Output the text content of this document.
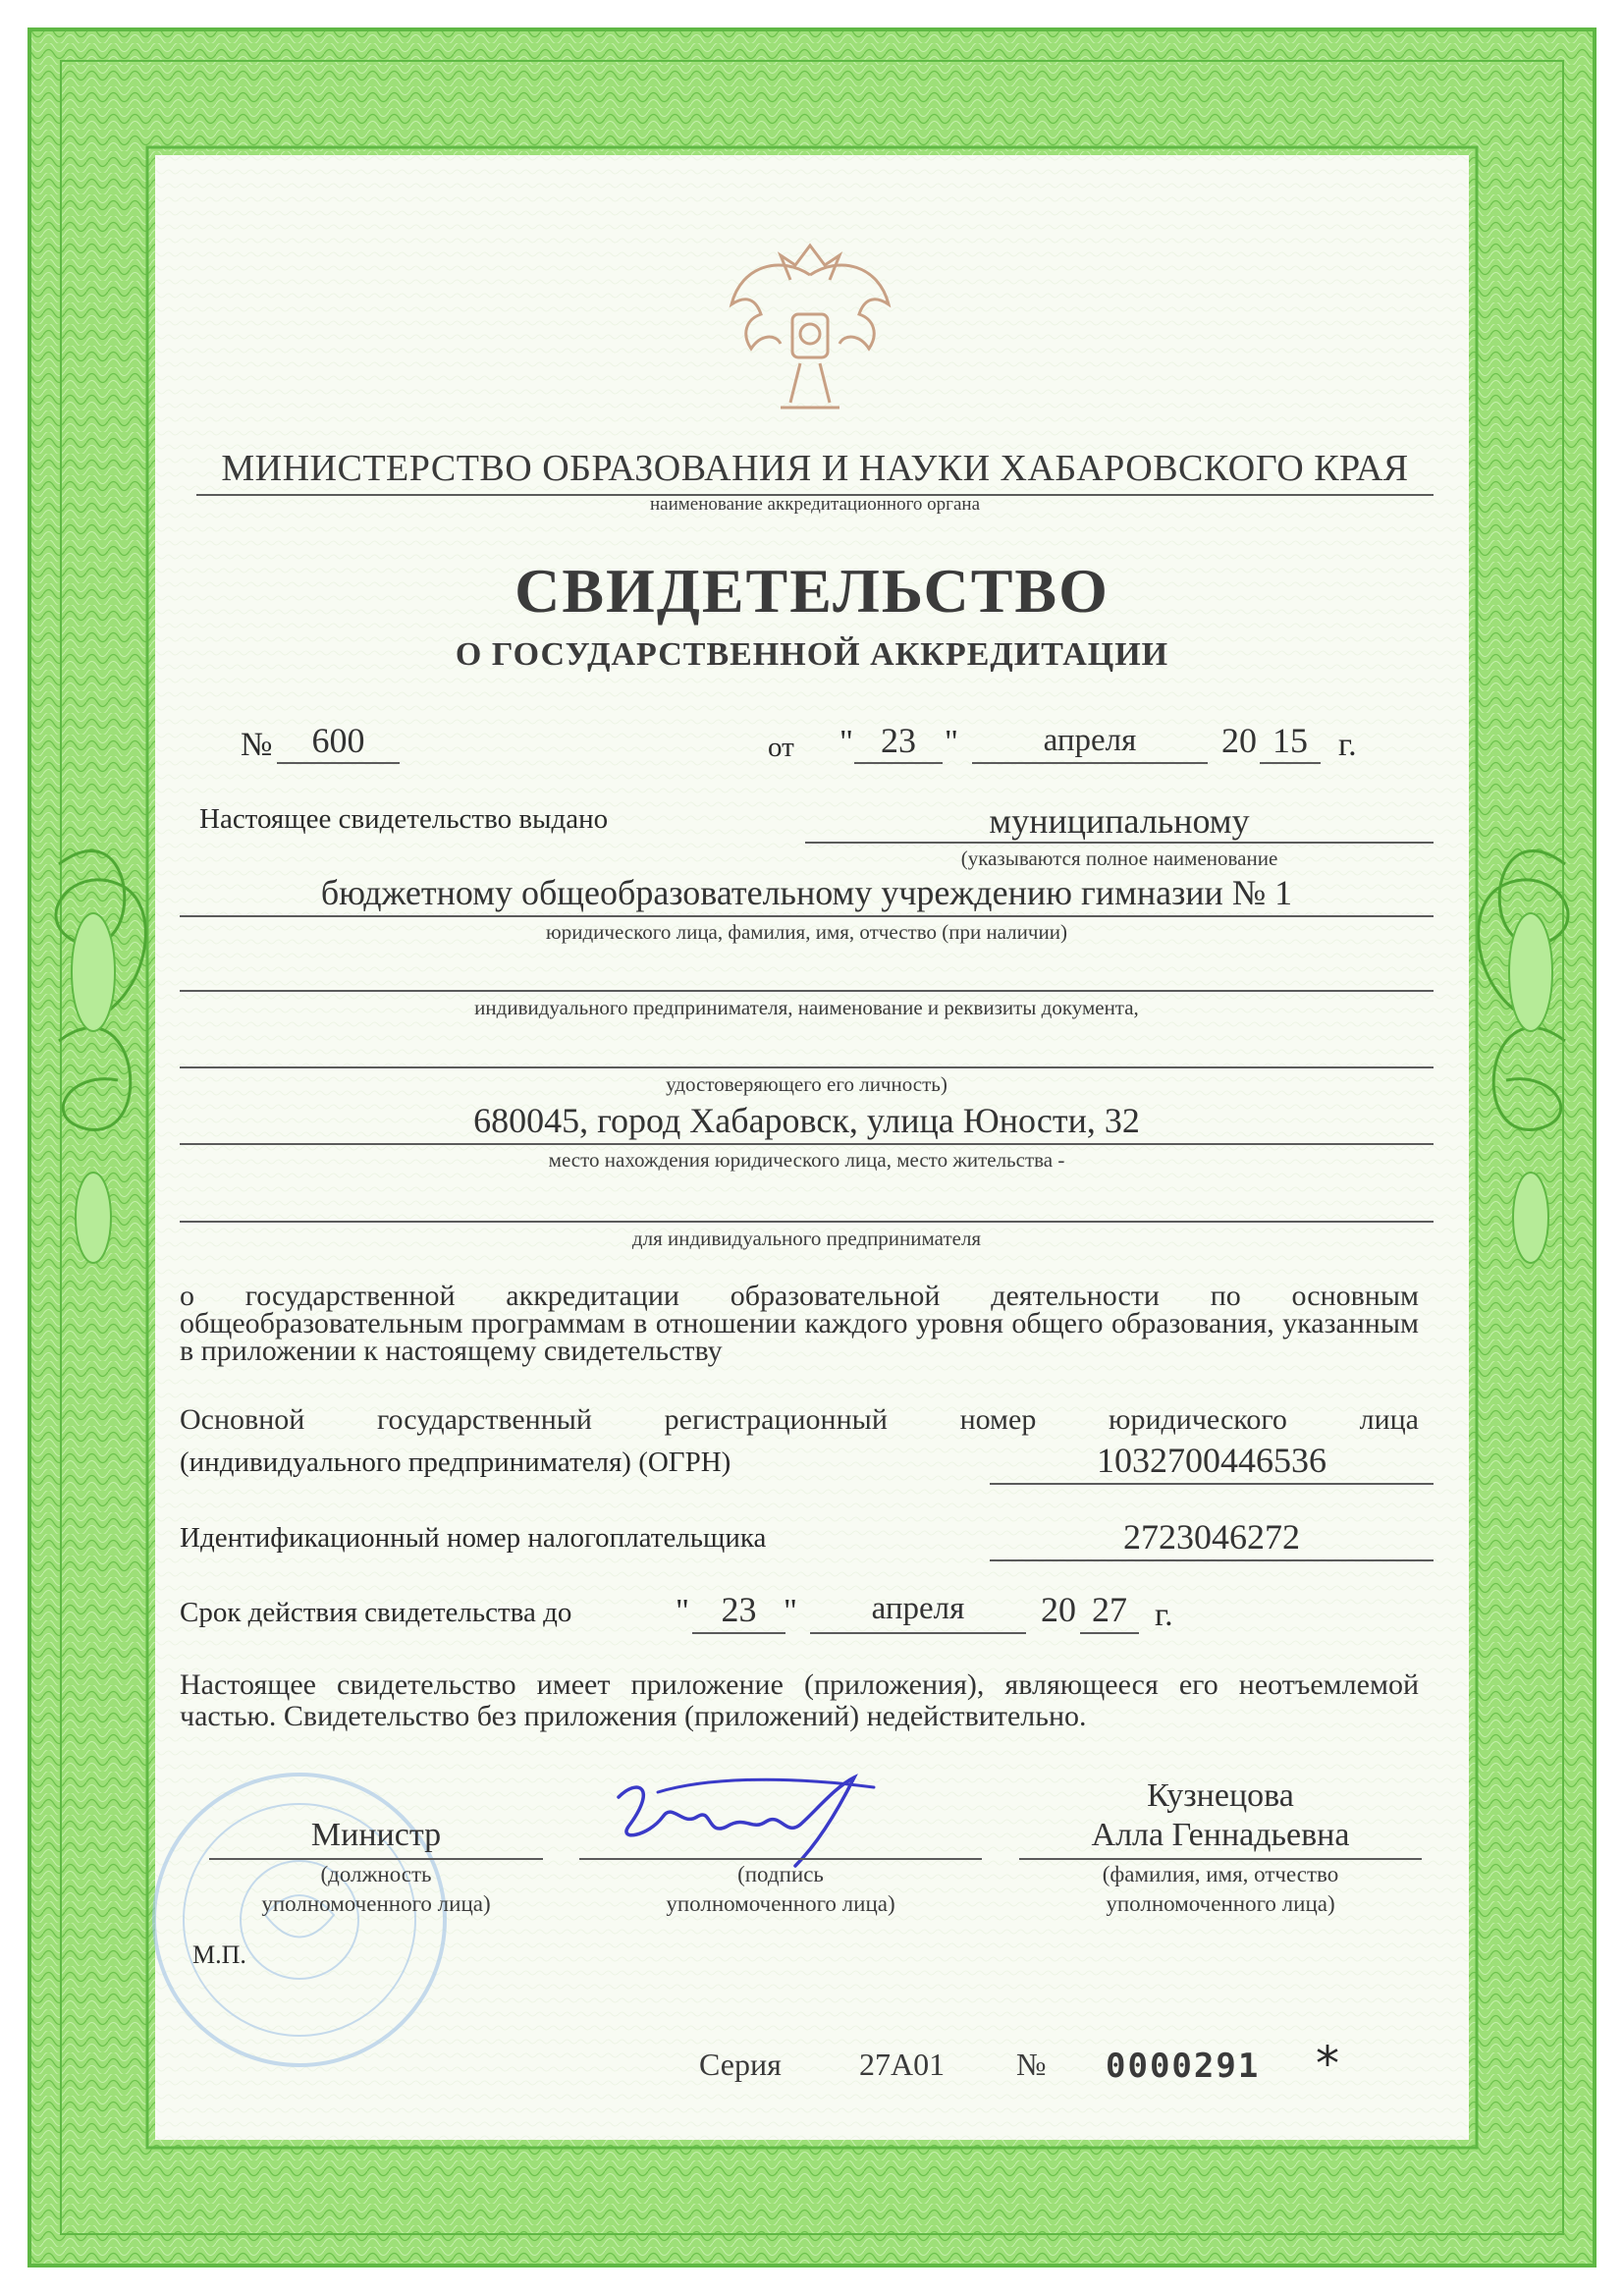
МИНИСТЕРСТВО ОБРАЗОВАНИЯ И НАУКИ ХАБАРОВСКОГО КРАЯ
наименование аккредитационного органа
СВИДЕТЕЛЬСТВО
О ГОСУДАРСТВЕННОЙ АККРЕДИТАЦИИ
№	600	от " 23 "	апреля	20 15 г.
Настоящее свидетельство выдано	муниципальному
(указываются полное наименование
бюджетному общеобразовательному учреждению гимназии № 1
юридического лица, фамилия, имя, отчество (при наличии)
индивидуального предпринимателя, наименование и реквизиты документа,
удостоверяющего его личность)
680045, город Хабаровск, улица Юности, 32
место нахождения юридического лица, место жительства -
для индивидуального предпринимателя
о государственной аккредитации образовательной деятельности по основным общеобразовательным программам в отношении каждого уровня общего образования, указанным в приложении к настоящему свидетельству
Основной государственный регистрационный номер юридического лица
(индивидуального предпринимателя) (ОГРН)	1032700446536
Идентификационный номер налогоплательщика	2723046272
Срок действия свидетельства до	" 23 "	апреля	20 27 г.
Настоящее свидетельство имеет приложение (приложения), являющееся его неотъемлемой частью. Свидетельство без приложения (приложений) недействительно.
Министр
(должность
уполномоченного лица)
(подпись
уполномоченного лица)
Кузнецова
Алла Геннадьевна
(фамилия, имя, отчество
уполномоченного лица)
М.П.
Серия 27А01 № 0000291 *
